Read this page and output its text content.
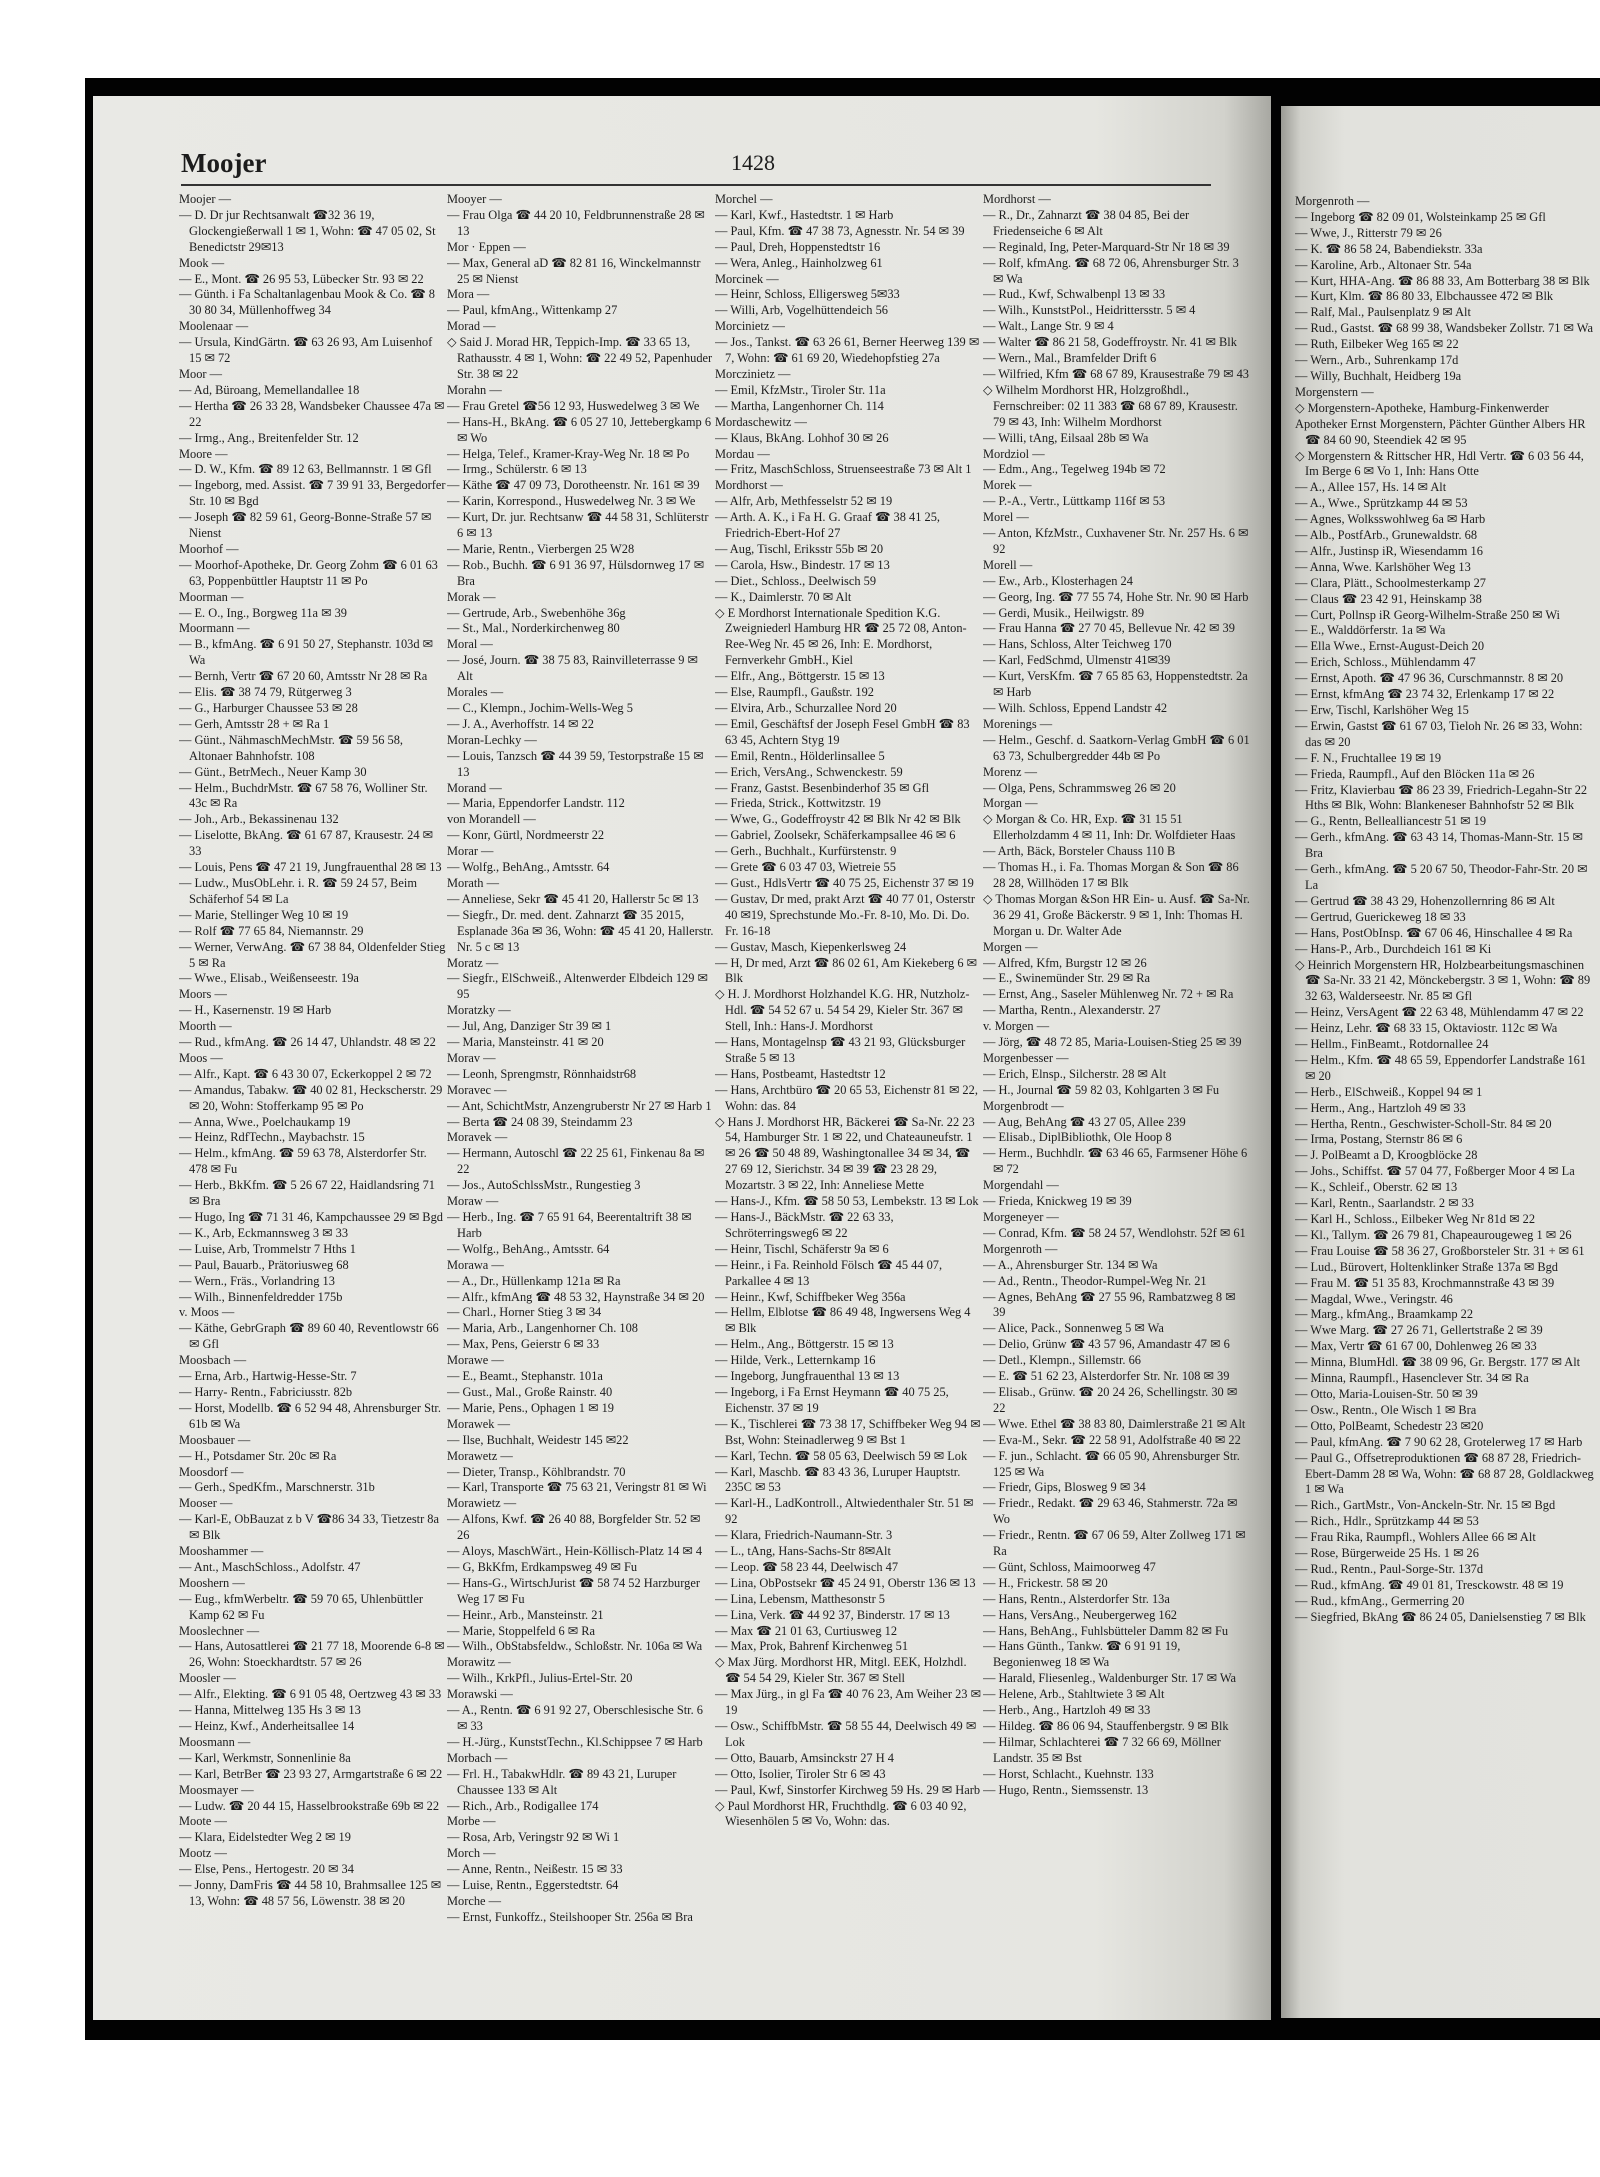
Moojer	1428

Moojer —

— D. Dr jur Rechtsanwalt ☎32 36 19, Glockengießerwall 1 ✉ 1, Wohn: ☎ 47 05 02, St Benedictstr 29✉13

Mook —

— E., Mont. ☎ 26 95 53, Lübecker Str. 93 ✉ 22

— Günth. i Fa Schaltanlagenbau Mook & Co. ☎ 8 30 80 34, Müllenhoffweg 34

Moolenaar —

— Ursula, KindGärtn. ☎ 63 26 93, Am Luisenhof 15 ✉ 72

Moor —

— Ad, Büroang, Memellandallee 18

— Hertha ☎ 26 33 28, Wandsbeker Chaussee 47a ✉ 22

— Irmg., Ang., Breitenfelder Str. 12

Moore —

— D. W., Kfm. ☎ 89 12 63, Bellmannstr. 1 ✉ Gfl

— Ingeborg, med. Assist. ☎ 7 39 91 33, Bergedorfer Str. 10 ✉ Bgd

— Joseph ☎ 82 59 61, Georg-Bonne-Straße 57 ✉ Nienst

Moorhof —

— Moorhof-Apotheke, Dr. Georg Zohm ☎ 6 01 63 63, Poppenbüttler Hauptstr 11 ✉ Po

Moorman —

— E. O., Ing., Borgweg 11a ✉ 39

Moormann —

— B., kfmAng. ☎ 6 91 50 27, Stephanstr. 103d ✉ Wa

— Bernh, Vertr ☎ 67 20 60, Amtsstr Nr 28 ✉ Ra

— Elis. ☎ 38 74 79, Rütgerweg 3

— G., Harburger Chaussee 53 ✉ 28

— Gerh, Amtsstr 28 + ✉ Ra 1

— Günt., NähmaschMechMstr. ☎ 59 56 58, Altonaer Bahnhofstr. 108

— Günt., BetrMech., Neuer Kamp 30

— Helm., BuchdrMstr. ☎ 67 58 76, Wolliner Str. 43c ✉ Ra

— Joh., Arb., Bekassinenau 132

— Liselotte, BkAng. ☎ 61 67 87, Krausestr. 24 ✉ 33

— Louis, Pens ☎ 47 21 19, Jungfrauenthal 28 ✉ 13

— Ludw., MusObLehr. i. R. ☎ 59 24 57, Beim Schäferhof 54 ✉ La

— Marie, Stellinger Weg 10 ✉ 19

— Rolf ☎ 77 65 84, Niemannstr. 29

— Werner, VerwAng. ☎ 67 38 84, Oldenfelder Stieg 5 ✉ Ra

— Wwe., Elisab., Weißenseestr. 19a

Moors —

— H., Kasernenstr. 19 ✉ Harb

Moorth —

— Rud., kfmAng. ☎ 26 14 47, Uhlandstr. 48 ✉ 22

Moos —

— Alfr., Kapt. ☎ 6 43 30 07, Eckerkoppel 2 ✉ 72

— Amandus, Tabakw. ☎ 40 02 81, Heckscherstr. 29 ✉ 20, Wohn: Stofferkamp 95 ✉ Po

— Anna, Wwe., Poelchaukamp 19

— Heinz, RdfTechn., Maybachstr. 15

— Helm., kfmAng. ☎ 59 63 78, Alsterdorfer Str. 478 ✉ Fu

— Herb., BkKfm. ☎ 5 26 67 22, Haidlandsring 71 ✉ Bra

— Hugo, Ing ☎ 71 31 46, Kampchaussee 29 ✉ Bgd

— K., Arb, Eckmannsweg 3 ✉ 33

— Luise, Arb, Trommelstr 7 Hths 1

— Paul, Bauarb., Prätoriusweg 68

— Wern., Fräs., Vorlandring 13

— Wilh., Binnenfeldredder 175b

v. Moos —

— Käthe, GebrGraph ☎ 89 60 40, Reventlowstr 66 ✉ Gfl

Moosbach —

— Erna, Arb., Hartwig-Hesse-Str. 7

— Harry- Rentn., Fabriciusstr. 82b

— Horst, Modellb. ☎ 6 52 94 48, Ahrensburger Str. 61b ✉ Wa

Moosbauer —

— H., Potsdamer Str. 20c ✉ Ra

Moosdorf —

— Gerh., SpedKfm., Marschnerstr. 31b

Mooser —

— Karl-E, ObBauzat z b V ☎86 34 33, Tietzestr 8a ✉ Blk

Mooshammer —

— Ant., MaschSchloss., Adolfstr. 47

Mooshern —

— Eug., kfmWerbeltr. ☎ 59 70 65, Uhlenbüttler Kamp 62 ✉ Fu

Mooslechner —

— Hans, Autosattlerei ☎ 21 77 18, Moorende 6-8 ✉ 26, Wohn: Stoeckhardtstr. 57 ✉ 26

Moosler —

— Alfr., Elekting. ☎ 6 91 05 48, Oertzweg 43 ✉ 33

— Hanna, Mittelweg 135 Hs 3 ✉ 13

— Heinz, Kwf., Anderheitsallee 14

Moosmann —

— Karl, Werkmstr, Sonnenlinie 8a

— Karl, BetrBer ☎ 23 93 27, Armgartstraße 6 ✉ 22

Moosmayer —

— Ludw. ☎ 20 44 15, Hasselbrookstraße 69b ✉ 22

Moote —

— Klara, Eidelstedter Weg 2 ✉ 19

Mootz —

— Else, Pens., Hertogestr. 20 ✉ 34

— Jonny, DamFris ☎ 44 58 10, Brahmsallee 125 ✉ 13, Wohn: ☎ 48 57 56, Löwenstr. 38 ✉ 20

Mooyer —

— Frau Olga ☎ 44 20 10, Feldbrunnenstraße 28 ✉ 13

Mor · Eppen —

— Max, General aD ☎ 82 81 16, Winckelmannstr 25 ✉ Nienst

Mora —

— Paul, kfmAng., Wittenkamp 27

Morad —

◇ Said J. Morad HR, Teppich-Imp. ☎ 33 65 13, Rathausstr. 4 ✉ 1, Wohn: ☎ 22 49 52, Papenhuder Str. 38 ✉ 22

Morahn —

— Frau Gretel ☎56 12 93, Huswedelweg 3 ✉ We

— Hans-H., BkAng. ☎ 6 05 27 10, Jettebergkamp 6 ✉ Wo

— Helga, Telef., Kramer-Kray-Weg Nr. 18 ✉ Po

— Irmg., Schülerstr. 6 ✉ 13

— Käthe ☎ 47 09 73, Dorotheenstr. Nr. 161 ✉ 39

— Karin, Korrespond., Huswedelweg Nr. 3 ✉ We

— Kurt, Dr. jur. Rechtsanw ☎ 44 58 31, Schlüterstr 6 ✉ 13

— Marie, Rentn., Vierbergen 25 W28

— Rob., Buchh. ☎ 6 91 36 97, Hülsdornweg 17 ✉ Bra

Morak —

— Gertrude, Arb., Swebenhöhe 36g

— St., Mal., Norderkirchenweg 80

Moral —

— José, Journ. ☎ 38 75 83, Rainvilleterrasse 9 ✉ Alt

Morales —

— C., Klempn., Jochim-Wells-Weg 5

— J. A., Averhoffstr. 14 ✉ 22

Moran-Lechky —

— Louis, Tanzsch ☎ 44 39 59, Testorpstraße 15 ✉ 13

Morand —

— Maria, Eppendorfer Landstr. 112

von Morandell —

— Konr, Gürtl, Nordmeerstr 22

Morar —

— Wolfg., BehAng., Amtsstr. 64

Morath —

— Anneliese, Sekr ☎ 45 41 20, Hallerstr 5c ✉ 13

— Siegfr., Dr. med. dent. Zahnarzt ☎ 35 2015, Esplanade 36a ✉ 36, Wohn: ☎ 45 41 20, Hallerstr. Nr. 5 c ✉ 13

Moratz —

— Siegfr., ElSchweiß., Altenwerder Elbdeich 129 ✉ 95

Moratzky —

— Jul, Ang, Danziger Str 39 ✉ 1

— Maria, Mansteinstr. 41 ✉ 20

Morav —

— Leonh, Sprengmstr, Rönnhaidstr68

Moravec —

— Ant, SchichtMstr, Anzengruberstr Nr 27 ✉ Harb 1

— Berta ☎ 24 08 39, Steindamm 23

Moravek —

— Hermann, Autoschl ☎ 22 25 61, Finkenau 8a ✉ 22

— Jos., AutoSchlssMstr., Rungestieg 3

Moraw —

— Herb., Ing. ☎ 7 65 91 64, Beerentaltrift 38 ✉ Harb

— Wolfg., BehAng., Amtsstr. 64

Morawa —

— A., Dr., Hüllenkamp 121a ✉ Ra

— Alfr., kfmAng ☎ 48 53 32, Haynstraße 34 ✉ 20

— Charl., Horner Stieg 3 ✉ 34

— Maria, Arb., Langenhorner Ch. 108

— Max, Pens, Geierstr 6 ✉ 33

Morawe —

— E., Beamt., Stephanstr. 101a

— Gust., Mal., Große Rainstr. 40

— Marie, Pens., Ophagen 1 ✉ 19

Morawek —

— Ilse, Buchhalt, Weidestr 145 ✉22

Morawetz —

— Dieter, Transp., Köhlbrandstr. 70

— Karl, Transporte ☎ 75 63 21, Veringstr 81 ✉ Wi

Morawietz —

— Alfons, Kwf. ☎ 26 40 88, Borgfelder Str. 52 ✉ 26

— Aloys, MaschWärt., Hein-Köllisch-Platz 14 ✉ 4

— G, BkKfm, Erdkampsweg 49 ✉ Fu

— Hans-G., WirtschJurist ☎ 58 74 52 Harzburger Weg 17 ✉ Fu

— Heinr., Arb., Mansteinstr. 21

— Marie, Stoppelfeld 6 ✉ Ra

— Wilh., ObStabsfeldw., Schloßstr. Nr. 106a ✉ Wa

Morawitz —

— Wilh., KrkPfl., Julius-Ertel-Str. 20

Morawski —

— A., Rentn. ☎ 6 91 92 27, Oberschlesische Str. 6 ✉ 33

— H.-Jürg., KunststTechn., Kl.Schippsee 7 ✉ Harb

Morbach —

— Frl. H., TabakwHdlr. ☎ 89 43 21, Luruper Chaussee 133 ✉ Alt

— Rich., Arb., Rodigallee 174

Morbe —

— Rosa, Arb, Veringstr 92 ✉ Wi 1

Morch —

— Anne, Rentn., Neißestr. 15 ✉ 33

— Luise, Rentn., Eggerstedtstr. 64

Morche —

— Ernst, Funkoffz., Steilshooper Str. 256a ✉ Bra

Morchel —

— Karl, Kwf., Hastedtstr. 1 ✉ Harb

— Paul, Kfm. ☎ 47 38 73, Agnesstr. Nr. 54 ✉ 39

— Paul, Dreh, Hoppenstedtstr 16

— Wera, Anleg., Hainholzweg 61

Morcinek —

— Heinr, Schloss, Elligersweg 5✉33

— Willi, Arb, Vogelhüttendeich 56

Morcinietz —

— Jos., Tankst. ☎ 63 26 61, Berner Heerweg 139 ✉ 7, Wohn: ☎ 61 69 20, Wiedehopfstieg 27a

Morczinietz —

— Emil, KfzMstr., Tiroler Str. 11a

— Martha, Langenhorner Ch. 114

Mordaschewitz —

— Klaus, BkAng. Lohhof 30 ✉ 26

Mordau —

— Fritz, MaschSchloss, Struenseestraße 73 ✉ Alt 1

Mordhorst —

— Alfr, Arb, Methfesselstr 52 ✉ 19

— Arth. A. K., i Fa H. G. Graaf ☎ 38 41 25, Friedrich-Ebert-Hof 27

— Aug, Tischl, Eriksstr 55b ✉ 20

— Carola, Hsw., Bindestr. 17 ✉ 13

— Diet., Schloss., Deelwisch 59

— K., Daimlerstr. 70 ✉ Alt

◇ E Mordhorst Internationale Spedition K.G. Zweigniederl Hamburg HR ☎ 25 72 08, Anton-Ree-Weg Nr. 45 ✉ 26, Inh: E. Mordhorst, Fernverkehr GmbH., Kiel

— Elfr., Ang., Böttgerstr. 15 ✉ 13

— Else, Raumpfl., Gaußstr. 192

— Elvira, Arb., Schurzallee Nord 20

— Emil, Geschäftsf der Joseph Fesel GmbH ☎ 83 63 45, Achtern Styg 19

— Emil, Rentn., Hölderlinsallee 5

— Erich, VersAng., Schwenckestr. 59

— Franz, Gastst. Besenbinderhof 35 ✉ Gfl

— Frieda, Strick., Kottwitzstr. 19

— Wwe, G., Godeffroystr 42 ✉ Blk Nr 42 ✉ Blk

— Gabriel, Zoolsekr, Schäferkampsallee 46 ✉ 6

— Gerh., Buchhalt., Kurfürstenstr. 9

— Grete ☎ 6 03 47 03, Wietreie 55

— Gust., HdlsVertr ☎ 40 75 25, Eichenstr 37 ✉ 19

— Gustav, Dr med, prakt Arzt ☎ 40 77 01, Osterstr 40 ✉19, Sprechstunde Mo.-Fr. 8-10, Mo. Di. Do. Fr. 16-18

— Gustav, Masch, Kiepenkerlsweg 24

— H, Dr med, Arzt ☎ 86 02 61, Am Kiekeberg 6 ✉ Blk

◇ H. J. Mordhorst Holzhandel K.G. HR, Nutzholz-Hdl. ☎ 54 52 67 u. 54 54 29, Kieler Str. 367 ✉ Stell, Inh.: Hans-J. Mordhorst

— Hans, Montagelnsp ☎ 43 21 93, Glücksburger Straße 5 ✉ 13

— Hans, Postbeamt, Hastedtstr 12

— Hans, Archtbüro ☎ 20 65 53, Eichenstr 81 ✉ 22, Wohn: das. 84

◇ Hans J. Mordhorst HR, Bäckerei ☎ Sa-Nr. 22 23 54, Hamburger Str. 1 ✉ 22, und Chateauneufstr. 1 ✉ 26 ☎ 50 48 89, Washingtonallee 34 ✉ 34, ☎ 27 69 12, Sierichstr. 34 ✉ 39 ☎ 23 28 29, Mozartstr. 3 ✉ 22, Inh: Anneliese Mette

— Hans-J., Kfm. ☎ 58 50 53, Lembekstr. 13 ✉ Lok

— Hans-J., BäckMstr. ☎ 22 63 33, Schröterringsweg6 ✉ 22

— Heinr, Tischl, Schäferstr 9a ✉ 6

— Heinr., i Fa. Reinhold Fölsch ☎ 45 44 07, Parkallee 4 ✉ 13

— Heinr., Kwf, Schiffbeker Weg 356a

— Hellm, Elblotse ☎ 86 49 48, Ingwersens Weg 4 ✉ Blk

— Helm., Ang., Böttgerstr. 15 ✉ 13

— Hilde, Verk., Letternkamp 16

— Ingeborg, Jungfrauenthal 13 ✉ 13

— Ingeborg, i Fa Ernst Heymann ☎ 40 75 25, Eichenstr. 37 ✉ 19

— K., Tischlerei ☎ 73 38 17, Schiffbeker Weg 94 ✉ Bst, Wohn: Steinadlerweg 9 ✉ Bst 1

— Karl, Techn. ☎ 58 05 63, Deelwisch 59 ✉ Lok

— Karl, Maschb. ☎ 83 43 36, Luruper Hauptstr. 235C ✉ 53

— Karl-H., LadKontroll., Altwiedenthaler Str. 51 ✉ 92

— Klara, Friedrich-Naumann-Str. 3

— L., tAng, Hans-Sachs-Str 8✉Alt

— Leop. ☎ 58 23 44, Deelwisch 47

— Lina, ObPostsekr ☎ 45 24 91, Oberstr 136 ✉ 13

— Lina, Lebensm, Matthesonstr 5

— Lina, Verk. ☎ 44 92 37, Binderstr. 17 ✉ 13

— Max ☎ 21 01 63, Curtiusweg 12

— Max, Prok, Bahrenf Kirchenweg 51

◇ Max Jürg. Mordhorst HR, Mitgl. EEK, Holzhdl. ☎ 54 54 29, Kieler Str. 367 ✉ Stell

— Max Jürg., in gl Fa ☎ 40 76 23, Am Weiher 23 ✉ 19

— Osw., SchiffbMstr. ☎ 58 55 44, Deelwisch 49 ✉ Lok

— Otto, Bauarb, Amsinckstr 27 H 4

— Otto, Isolier, Tiroler Str 6 ✉ 43

— Paul, Kwf, Sinstorfer Kirchweg 59 Hs. 29 ✉ Harb

◇ Paul Mordhorst HR, Fruchthdlg. ☎ 6 03 40 92, Wiesenhölen 5 ✉ Vo, Wohn: das.

Mordhorst —

— R., Dr., Zahnarzt ☎ 38 04 85, Bei der Friedenseiche 6 ✉ Alt

— Reginald, Ing, Peter-Marquard-Str Nr 18 ✉ 39

— Rolf, kfmAng. ☎ 68 72 06, Ahrensburger Str. 3 ✉ Wa

— Rud., Kwf, Schwalbenpl 13 ✉ 33

— Wilh., KunststPol., Heidrittersstr. 5 ✉ 4

— Walt., Lange Str. 9 ✉ 4

— Walter ☎ 86 21 58, Godeffroystr. Nr. 41 ✉ Blk

— Wern., Mal., Bramfelder Drift 6

— Wilfried, Kfm ☎ 68 67 89, Krausestraße 79 ✉ 43

◇ Wilhelm Mordhorst HR, Holzgroßhdl., Fernschreiber: 02 11 383 ☎ 68 67 89, Krausestr. 79 ✉ 43, Inh: Wilhelm Mordhorst

— Willi, tAng, Eilsaal 28b ✉ Wa

Mordziol —

— Edm., Ang., Tegelweg 194b ✉ 72

Morek —

— P.-A., Vertr., Lüttkamp 116f ✉ 53

Morel —

— Anton, KfzMstr., Cuxhavener Str. Nr. 257 Hs. 6 ✉ 92

Morell —

— Ew., Arb., Klosterhagen 24

— Georg, Ing. ☎ 77 55 74, Hohe Str. Nr. 90 ✉ Harb

— Gerdi, Musik., Heilwigstr. 89

— Frau Hanna ☎ 27 70 45, Bellevue Nr. 42 ✉ 39

— Hans, Schloss, Alter Teichweg 170

— Karl, FedSchmd, Ulmenstr 41✉39

— Kurt, VersKfm. ☎ 7 65 85 63, Hoppenstedtstr. 2a ✉ Harb

— Wilh. Schloss, Eppend Landstr 42

Morenings —

— Helm., Geschf. d. Saatkorn-Verlag GmbH ☎ 6 01 63 73, Schulbergredder 44b ✉ Po

Morenz —

— Olga, Pens, Schrammsweg 26 ✉ 20

Morgan —

◇ Morgan & Co. HR, Exp. ☎ 31 15 51 Ellerholzdamm 4 ✉ 11, Inh: Dr. Wolfdieter Haas

— Arth, Bäck, Borsteler Chauss 110 B

— Thomas H., i. Fa. Thomas Morgan & Son ☎ 86 28 28, Willhöden 17 ✉ Blk

◇ Thomas Morgan &Son HR Ein- u. Ausf. ☎ Sa-Nr. 36 29 41, Große Bäckerstr. 9 ✉ 1, Inh: Thomas H. Morgan u. Dr. Walter Ade

Morgen —

— Alfred, Kfm, Burgstr 12 ✉ 26

— E., Swinemünder Str. 29 ✉ Ra

— Ernst, Ang., Saseler Mühlenweg Nr. 72 + ✉ Ra

— Martha, Rentn., Alexanderstr. 27

v. Morgen —

— Jörg, ☎ 48 72 85, Maria-Louisen-Stieg 25 ✉ 39

Morgenbesser —

— Erich, Elnsp., Silcherstr. 28 ✉ Alt

— H., Journal ☎ 59 82 03, Kohlgarten 3 ✉ Fu

Morgenbrodt —

— Aug, BehAng ☎ 43 27 05, Allee 239

— Elisab., DiplBibliothk, Ole Hoop 8

— Herm., Buchhdlr. ☎ 63 46 65, Farmsener Höhe 6 ✉ 72

Morgendahl —

— Frieda, Knickweg 19 ✉ 39

Morgeneyer —

— Conrad, Kfm. ☎ 58 24 57, Wendlohstr. 52f ✉ 61

Morgenroth —

— A., Ahrensburger Str. 134 ✉ Wa

— Ad., Rentn., Theodor-Rumpel-Weg Nr. 21

— Agnes, BehAng ☎ 27 55 96, Rambatzweg 8 ✉ 39

— Alice, Pack., Sonnenweg 5 ✉ Wa

— Delio, Grünw ☎ 43 57 96, Amandastr 47 ✉ 6

— Detl., Klempn., Sillemstr. 66

— E. ☎ 51 62 23, Alsterdorfer Str. Nr. 108 ✉ 39

— Elisab., Grünw. ☎ 20 24 26, Schellingstr. 30 ✉ 22

— Wwe. Ethel ☎ 38 83 80, Daimlerstraße 21 ✉ Alt

— Eva-M., Sekr. ☎ 22 58 91, Adolfstraße 40 ✉ 22

— F. jun., Schlacht. ☎ 66 05 90, Ahrensburger Str. 125 ✉ Wa

— Friedr, Gips, Blosweg 9 ✉ 34

— Friedr., Redakt. ☎ 29 63 46, Stahmerstr. 72a ✉ Wo

— Friedr., Rentn. ☎ 67 06 59, Alter Zollweg 171 ✉ Ra

— Günt, Schloss, Maimoorweg 47

— H., Frickestr. 58 ✉ 20

— Hans, Rentn., Alsterdorfer Str. 13a

— Hans, VersAng., Neubergerweg 162

— Hans, BehAng., Fuhlsbütteler Damm 82 ✉ Fu

— Hans Günth., Tankw. ☎ 6 91 91 19, Begonienweg 18 ✉ Wa

— Harald, Fliesenleg., Waldenburger Str. 17 ✉ Wa

— Helene, Arb., Stahltwiete 3 ✉ Alt

— Herb., Ang., Hartzloh 49 ✉ 33

— Hildeg. ☎ 86 06 94, Stauffenbergstr. 9 ✉ Blk

— Hilmar, Schlachterei ☎ 7 32 66 69, Möllner Landstr. 35 ✉ Bst

— Horst, Schlacht., Kuehnstr. 133

— Hugo, Rentn., Siemssenstr. 13

Morgenroth —

— Ingeborg ☎ 82 09 01, Wolsteinkamp 25 ✉ Gfl

— Wwe, J., Ritterstr 79 ✉ 26

— K. ☎ 86 58 24, Babendiekstr. 33a

— Karoline, Arb., Altonaer Str. 54a

— Kurt, HHA-Ang. ☎ 86 88 33, Am Botterbarg 38 ✉ Blk

— Kurt, Klm. ☎ 86 80 33, Elbchaussee 472 ✉ Blk

— Ralf, Mal., Paulsenplatz 9 ✉ Alt

— Rud., Gastst. ☎ 68 99 38, Wandsbeker Zollstr. 71 ✉ Wa

— Ruth, Eilbeker Weg 165 ✉ 22

— Wern., Arb., Suhrenkamp 17d

— Willy, Buchhalt, Heidberg 19a

Morgenstern —

◇ Morgenstern-Apotheke, Hamburg-Finkenwerder

Apotheker Ernst Morgenstern, Pächter Günther Albers HR ☎ 84 60 90, Steendiek 42 ✉ 95

◇ Morgenstern & Rittscher HR, Hdl Vertr. ☎ 6 03 56 44, Im Berge 6 ✉ Vo 1, Inh: Hans Otte

— A., Allee 157, Hs. 14 ✉ Alt

— A., Wwe., Sprützkamp 44 ✉ 53

— Agnes, Wolksswohlweg 6a ✉ Harb

— Alb., PostfArb., Grunewaldstr. 68

— Alfr., Justinsp iR, Wiesendamm 16

— Anna, Wwe. Karlshöher Weg 13

— Clara, Plätt., Schoolmesterkamp 27

— Claus ☎ 23 42 91, Heinskamp 38

— Curt, Pollnsp iR Georg-Wilhelm-Straße 250 ✉ Wi

— E., Walddörferstr. 1a ✉ Wa

— Ella Wwe., Ernst-August-Deich 20

— Erich, Schloss., Mühlendamm 47

— Ernst, Apoth. ☎ 47 96 36, Curschmannstr. 8 ✉ 20

— Ernst, kfmAng ☎ 23 74 32, Erlenkamp 17 ✉ 22

— Erw, Tischl, Karlshöher Weg 15

— Erwin, Gastst ☎ 61 67 03, Tieloh Nr. 26 ✉ 33, Wohn: das ✉ 20

— F. N., Fruchtallee 19 ✉ 19

— Frieda, Raumpfl., Auf den Blöcken 11a ✉ 26

— Fritz, Klavierbau ☎ 86 23 39, Friedrich-Legahn-Str 22 Hths ✉ Blk, Wohn: Blankeneser Bahnhofstr 52 ✉ Blk

— G., Rentn, Bellealliancestr 51 ✉ 19

— Gerh., kfmAng. ☎ 63 43 14, Thomas-Mann-Str. 15 ✉ Bra

— Gerh., kfmAng. ☎ 5 20 67 50, Theodor-Fahr-Str. 20 ✉ La

— Gertrud ☎ 38 43 29, Hohenzollernring 86 ✉ Alt

— Gertrud, Guerickeweg 18 ✉ 33

— Hans, PostObInsp. ☎ 67 06 46, Hinschallee 4 ✉ Ra

— Hans-P., Arb., Durchdeich 161 ✉ Ki

◇ Heinrich Morgenstern HR, Holzbearbeitungsmaschinen ☎ Sa-Nr. 33 21 42, Mönckebergstr. 3 ✉ 1, Wohn: ☎ 89 32 63, Walderseestr. Nr. 85 ✉ Gfl

— Heinz, VersAgent ☎ 22 63 48, Mühlendamm 47 ✉ 22

— Heinz, Lehr. ☎ 68 33 15, Oktaviostr. 112c ✉ Wa

— Hellm., FinBeamt., Rotdornallee 24

— Helm., Kfm. ☎ 48 65 59, Eppendorfer Landstraße 161 ✉ 20

— Herb., ElSchweiß., Koppel 94 ✉ 1

— Herm., Ang., Hartzloh 49 ✉ 33

— Hertha, Rentn., Geschwister-Scholl-Str. 84 ✉ 20

— Irma, Postang, Sternstr 86 ✉ 6

— J. PolBeamt a D, Kroogblöcke 28

— Johs., Schiffst. ☎ 57 04 77, Foßberger Moor 4 ✉ La

— K., Schleif., Oberstr. 62 ✉ 13

— Karl, Rentn., Saarlandstr. 2 ✉ 33

— Karl H., Schloss., Eilbeker Weg Nr 81d ✉ 22

— Kl., Tallym. ☎ 26 79 81, Chapeaurougeweg 1 ✉ 26

— Frau Louise ☎ 58 36 27, Großborsteler Str. 31 + ✉ 61

— Lud., Bürovert, Holtenklinker Straße 137a ✉ Bgd

— Frau M. ☎ 51 35 83, Krochmannstraße 43 ✉ 39

— Magdal, Wwe., Veringstr. 46

— Marg., kfmAng., Braamkamp 22

— Wwe Marg. ☎ 27 26 71, Gellertstraße 2 ✉ 39

— Max, Vertr ☎ 61 67 00, Dohlenweg 26 ✉ 33

— Minna, BlumHdl. ☎ 38 09 96, Gr. Bergstr. 177 ✉ Alt

— Minna, Raumpfl., Hasenclever Str. 34 ✉ Ra

— Otto, Maria-Louisen-Str. 50 ✉ 39

— Osw., Rentn., Ole Wisch 1 ✉ Bra

— Otto, PolBeamt, Schedestr 23 ✉20

— Paul, kfmAng. ☎ 7 90 62 28, Grotelerweg 17 ✉ Harb

— Paul G., Offsetreproduktionen ☎ 68 87 28, Friedrich-Ebert-Damm 28 ✉ Wa, Wohn: ☎ 68 87 28, Goldlackweg 1 ✉ Wa

— Rich., GartMstr., Von-Anckeln-Str. Nr. 15 ✉ Bgd

— Rich., Hdlr., Sprützkamp 44 ✉ 53

— Frau Rika, Raumpfl., Wohlers Allee 66 ✉ Alt

— Rose, Bürgerweide 25 Hs. 1 ✉ 26

— Rud., Rentn., Paul-Sorge-Str. 137d

— Rud., kfmAng. ☎ 49 01 81, Tresckowstr. 48 ✉ 19

— Rud., kfmAng., Germerring 20

— Siegfried, BkAng ☎ 86 24 05, Danielsenstieg 7 ✉ Blk
